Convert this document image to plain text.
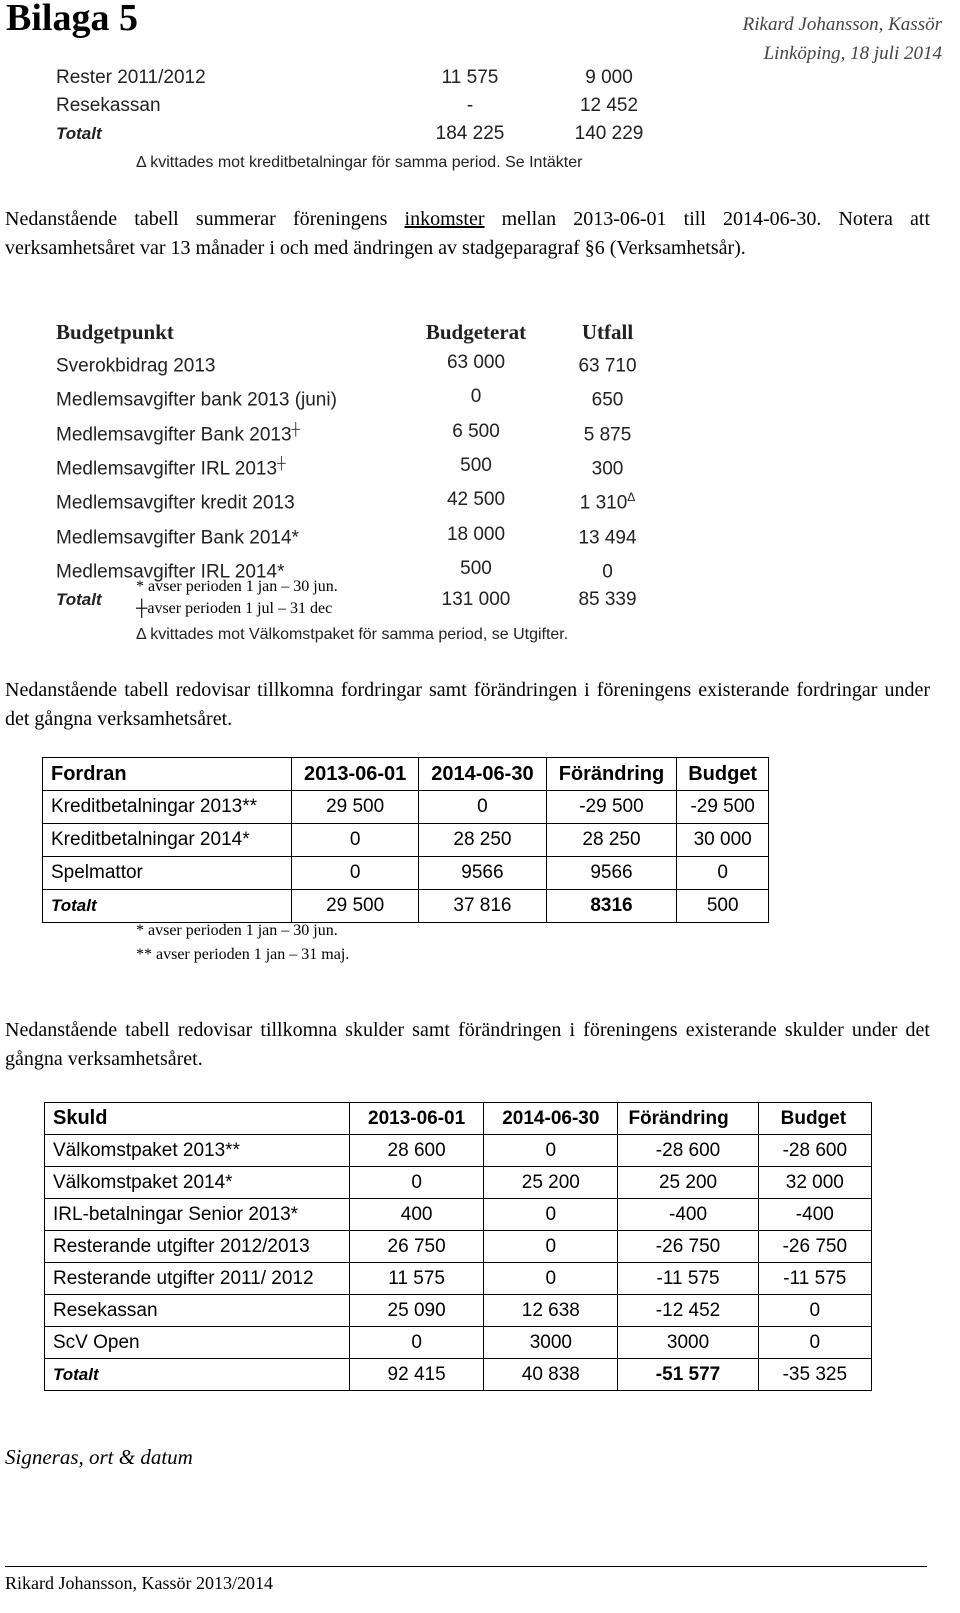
Bilaga 5	Rikard Johansson, Kassör
Linköping, 18 juli 2014
Rester 2011/2012	11 575	9 000
Resekassan	-	12 452
Totalt	184 225	140 229
Δ kvittades mot kreditbetalningar för samma period. Se Intäkter
Nedanstående tabell summerar föreningens inkomster mellan 2013-06-01 till 2014-06-30. Notera att verksamhetsåret var 13 månader i och med ändringen av stadgeparagraf §6 (Verksamhetsår).
Budgetpunkt	Budgeterat	Utfall
Sverokbidrag 2013	63 000	63 710
Medlemsavgifter bank 2013 (juni)	0	650
Medlemsavgifter Bank 2013┼	6 500	5 875
Medlemsavgifter IRL 2013┼	500	300
Medlemsavgifter kredit 2013	42 500	1 $310^\Delta$
Medlemsavgifter Bank 2014*	18 000	13 494
Medlemsavgifter IRL 2014*	500	0
Totalt	131 000	85 339
* avser perioden 1 jan – 30 jun.
┼avser perioden 1 jul – 31 dec
Δ kvittades mot Välkomstpaket för samma period, se Utgifter.
Nedanstående tabell redovisar tillkomna fordringar samt förändringen i föreningens existerande fordringar under det gångna verksamhetsåret.
Fordran	2013-06-01	2014-06-30	Förändring	Budget
Kreditbetalningar 2013**	29 500	0	-29 500	-29 500
Kreditbetalningar 2014*	0	28 250	28 250	30 000
Spelmattor	0	9566	9566	0
Totalt	29 500	37 816	8316	500
* avser perioden 1 jan – 30 jun.
** avser perioden 1 jan – 31 maj.
Nedanstående tabell redovisar tillkomna skulder samt förändringen i föreningens existerande skulder under det gångna verksamhetsåret.
Skuld	2013-06-01	2014-06-30	Förändring	Budget
Välkomstpaket 2013**	28 600	0	-28 600	-28 600
Välkomstpaket 2014*	0	25 200	25 200	32 000
IRL-betalningar Senior 2013*	400	0	-400	-400
Resterande utgifter 2012/2013	26 750	0	-26 750	-26 750
Resterande utgifter 2011/ 2012	11 575	0	-11 575	-11 575
Resekassan	25 090	12 638	-12 452	0
ScV Open	0	3000	3000	0
Totalt	92 415	40 838	-51 577	-35 325
Signeras, ort & datum
Rikard Johansson, Kassör 2013/2014
